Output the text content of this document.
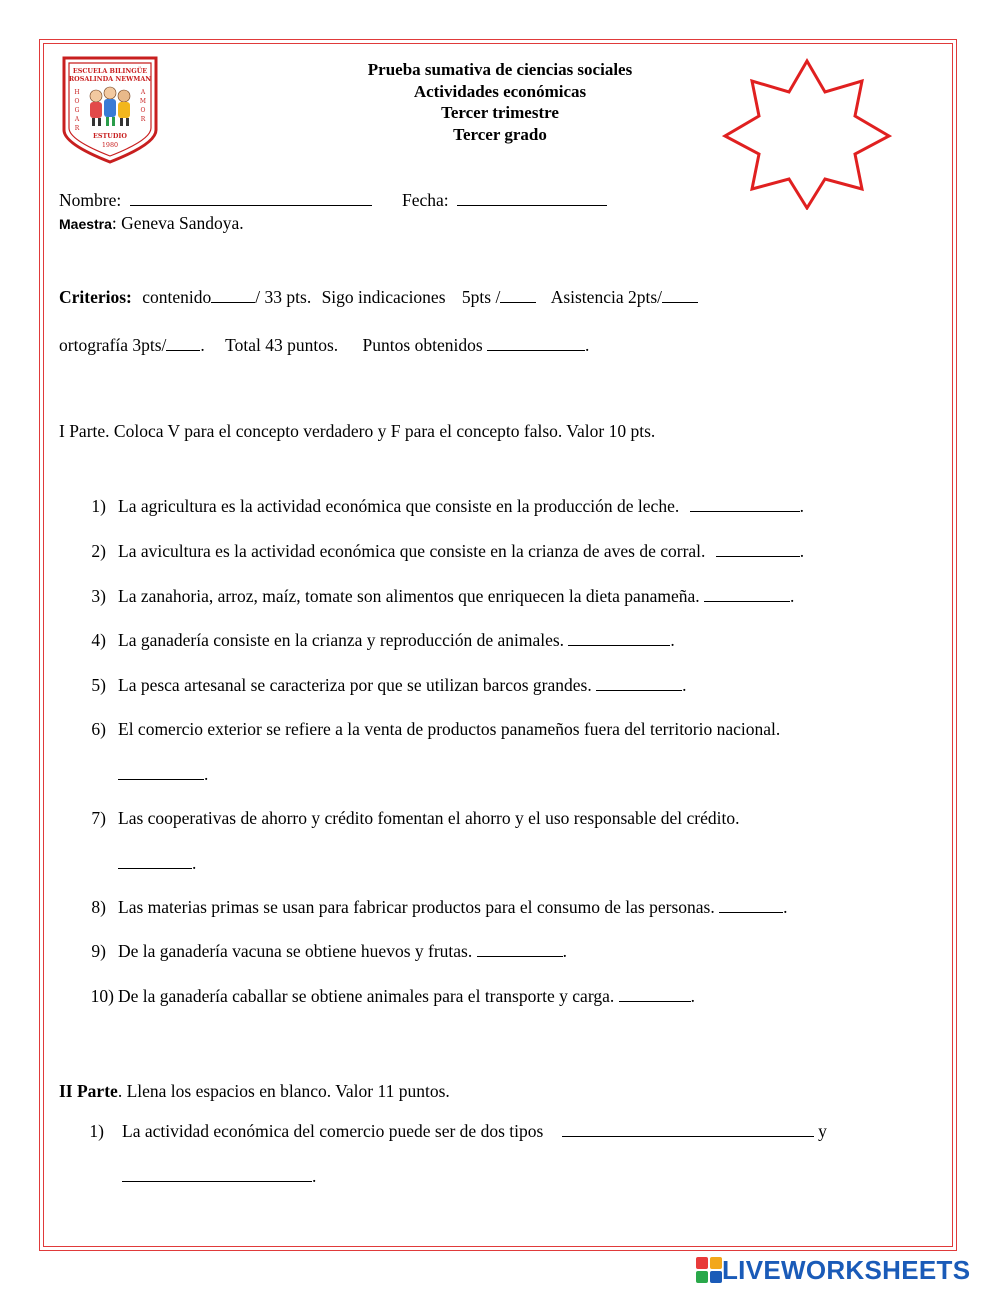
ESCUELA BILINGÜE
ROSALINDA NEWMAN
H
O
G
A
R
A
M
O
R
ESTUDIO
1980
Prueba sumativa de ciencias sociales
Actividades económicas
Tercer trimestre
Tercer grado
Nombre:	Fecha:
Maestra: Geneva Sandoya.
Criterios: contenido	/ 33 pts. Sigo indicaciones 5pts /	Asistencia 2pts/
ortografía 3pts/ . Total 43 puntos. Puntos obtenidos	.
I Parte. Coloca V para el concepto verdadero y F para el concepto falso. Valor 10 pts.
1) La agricultura es la actividad económica que consiste en la producción de leche.	.
2) La avicultura es la actividad económica que consiste en la crianza de aves de corral.	.
3) La zanahoria, arroz, maíz, tomate son alimentos que enriquecen la dieta panameña.	.
4) La ganadería consiste en la crianza y reproducción de animales.	.
5) La pesca artesanal se caracteriza por que se utilizan barcos grandes.	.
6) El comercio exterior se refiere a la venta de productos panameños fuera del territorio nacional.
.
7) Las cooperativas de ahorro y crédito fomentan el ahorro y el uso responsable del crédito.
.
8) Las materias primas se usan para fabricar productos para el consumo de las personas.	.
9) De la ganadería vacuna se obtiene huevos y frutas.	.
10) De la ganadería caballar se obtiene animales para el transporte y carga.	.
II Parte. Llena los espacios en blanco. Valor 11 puntos.
1) La actividad económica del comercio puede ser de dos tipos	y
.
LIVEWORKSHEETS
